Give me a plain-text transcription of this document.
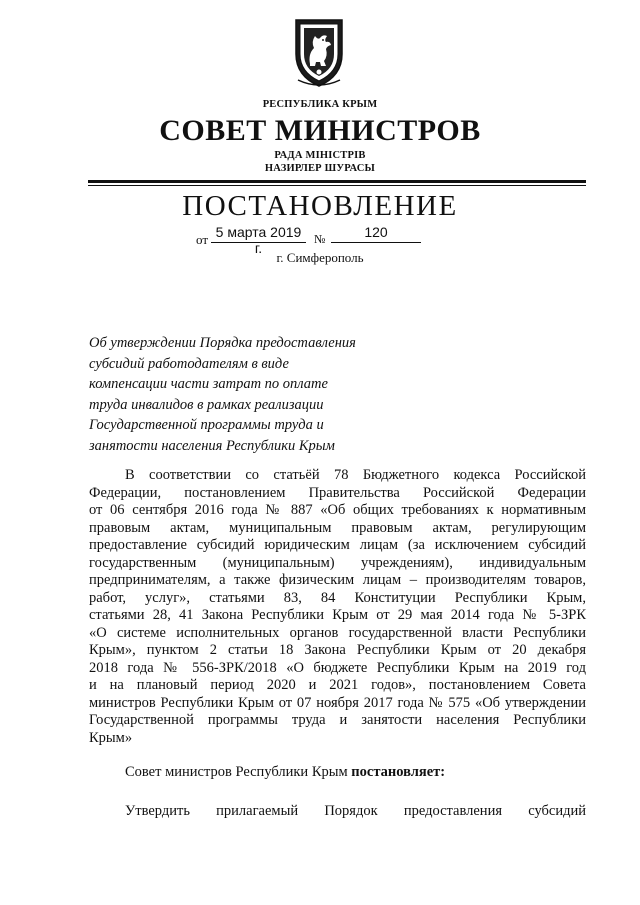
РЕСПУБЛИКА КРЫМ
СОВЕТ МИНИСТРОВ
РАДА МІНІСТРІВ
НАЗИРЛЕР ШУРАСЫ
ПОСТАНОВЛЕНИЕ
от 5 марта 2019 г.
№	120
г. Симферополь
Об утверждении Порядка предоставления
субсидий работодателям в виде
компенсации части затрат по оплате
труда инвалидов в рамках реализации
Государственной программы труда и
занятости населения Республики Крым
В соответствии со статьёй 78 Бюджетного кодекса Российской
Федерации, постановлением Правительства Российской Федерации
от 06 сентября 2016 года № 887 «Об общих требованиях к нормативным
правовым актам, муниципальным правовым актам, регулирующим
предоставление субсидий юридическим лицам (за исключением субсидий
государственным (муниципальным) учреждениям), индивидуальным
предпринимателям, а также физическим лицам – производителям товаров,
работ, услуг», статьями 83, 84 Конституции Республики Крым,
статьями 28, 41 Закона Республики Крым от 29 мая 2014 года № 5-ЗРК
«О системе исполнительных органов государственной власти Республики
Крым», пунктом 2 статьи 18 Закона Республики Крым от 20 декабря
2018 года № 556-ЗРК/2018 «О бюджете Республики Крым на 2019 год
и на плановый период 2020 и 2021 годов», постановлением Совета
министров Республики Крым от 07 ноября 2017 года № 575 «Об утверждении
Государственной программы труда и занятости населения Республики
Крым»
Совет министров Республики Крым постановляет:
Утвердить прилагаемый Порядок предоставления субсидий
